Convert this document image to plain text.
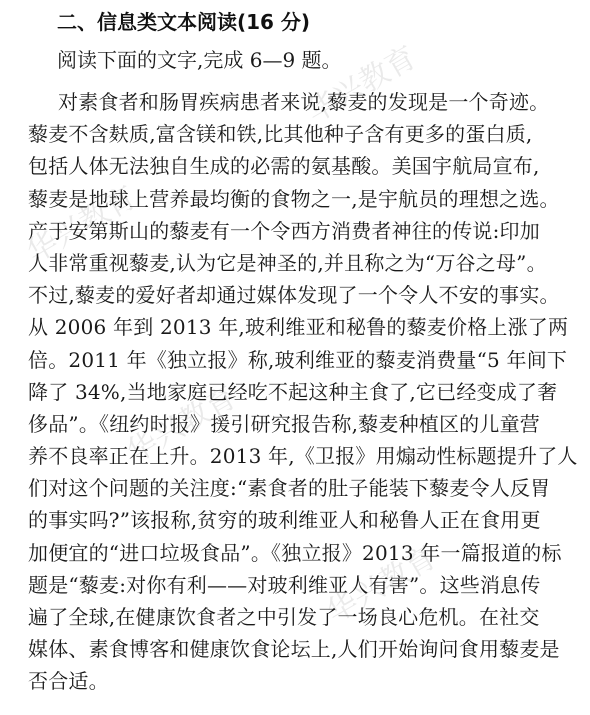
华兴教育
华兴教育
华兴教育
华兴教育
二、信息类文本阅读(16 分)
阅读下面的文字,完成 6—9 题。
对素食者和肠胃疾病患者来说,藜麦的发现是一个奇迹。
藜麦不含麸质,富含镁和铁,比其他种子含有更多的蛋白质,
包括人体无法独自生成的必需的氨基酸。美国宇航局宣布,
藜麦是地球上营养最均衡的食物之一,是宇航员的理想之选。
产于安第斯山的藜麦有一个令西方消费者神往的传说:印加
人非常重视藜麦,认为它是神圣的,并且称之为“万谷之母”。
不过,藜麦的爱好者却通过媒体发现了一个令人不安的事实。
从 2006 年到 2013 年,玻利维亚和秘鲁的藜麦价格上涨了两
倍。2011 年《独立报》称,玻利维亚的藜麦消费量“5 年间下
降了 34%,当地家庭已经吃不起这种主食了,它已经变成了奢
侈品”。《纽约时报》援引研究报告称,藜麦种植区的儿童营
养不良率正在上升。2013 年,《卫报》用煽动性标题提升了人
们对这个问题的关注度:“素食者的肚子能装下藜麦令人反胃
的事实吗?”该报称,贫穷的玻利维亚人和秘鲁人正在食用更
加便宜的“进口垃圾食品”。《独立报》2013 年一篇报道的标
题是“藜麦:对你有利——对玻利维亚人有害”。这些消息传
遍了全球,在健康饮食者之中引发了一场良心危机。在社交
媒体、素食博客和健康饮食论坛上,人们开始询问食用藜麦是
否合适。
